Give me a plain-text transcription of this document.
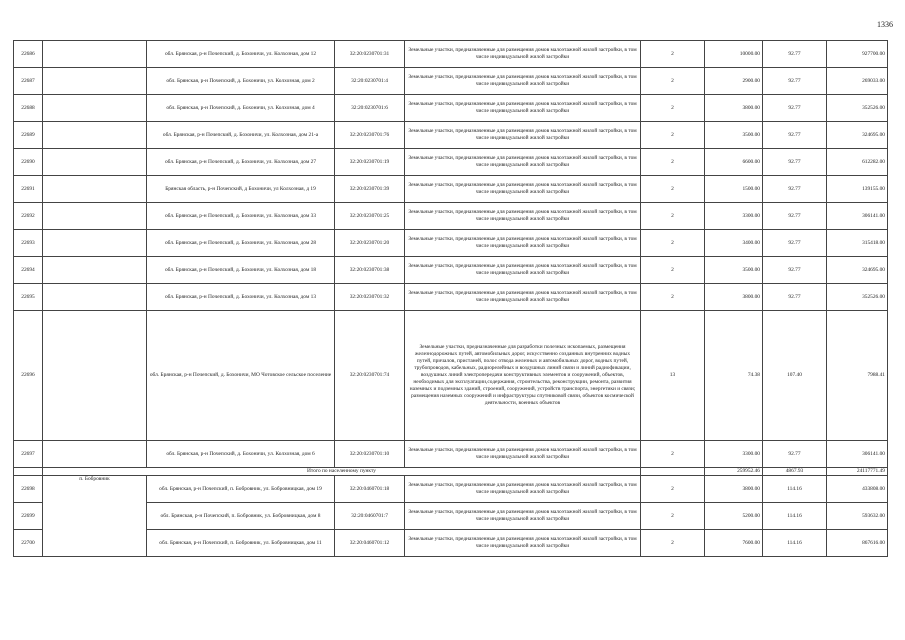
1336
22686		обл. Брянская, р-н Почепский, д. Бохоничи, ул. Колхозная, дом 12	32:20:0230701:31	Земельные участки, предназначенные для размещения домов малоэтажной жилой застройки, в том числе индивидуальной жилой застройки	2	10000.00	92.77	927700.00
22687		обл. Брянская, р-н Почепский, д. Бохоничи, ул. Колхозная, дом 2	32:20:0230701:4	Земельные участки, предназначенные для размещения домов малоэтажной жилой застройки, в том числе индивидуальной жилой застройки	2	2900.00	92.77	269033.00
22688		обл. Брянская, р-н Почепский, д. Бохоничи, ул. Колхозная, дом 4	32:20:0230701:6	Земельные участки, предназначенные для размещения домов малоэтажной жилой застройки, в том числе индивидуальной жилой застройки	2	3800.00	92.77	352526.00
22689		обл. Брянская, р-н Почепский, д. Бохоничи, ул. Колхозная, дом 21-а	32:20:0230701:76	Земельные участки, предназначенные для размещения домов малоэтажной жилой застройки, в том числе индивидуальной жилой застройки	2	3500.00	92.77	324695.00
22690		обл. Брянская, р-н Почепский, д. Бохоничи, ул. Колхозная, дом 27	32:20:0230701:19	Земельные участки, предназначенные для размещения домов малоэтажной жилой застройки, в том числе индивидуальной жилой застройки	2	6600.00	92.77	612282.00
22691		Брянская область, р-н Почепский, д Бохоничи, ул Колхозная, д 19	32:20:0230701:39	Земельные участки, предназначенные для размещения домов малоэтажной жилой застройки, в том числе индивидуальной жилой застройки	2	1500.00	92.77	139155.00
22692		обл. Брянская, р-н Почепский, д. Бохоничи, ул. Колхозная, дом 33	32:20:0230701:25	Земельные участки, предназначенные для размещения домов малоэтажной жилой застройки, в том числе индивидуальной жилой застройки	2	3300.00	92.77	306141.00
22693		обл. Брянская, р-н Почепский, д. Бохоничи, ул. Колхозная, дом 28	32:20:0230701:20	Земельные участки, предназначенные для размещения домов малоэтажной жилой застройки, в том числе индивидуальной жилой застройки	2	3400.00	92.77	315418.00
22694		обл. Брянская, р-н Почепский, д. Бохоничи, ул. Колхозная, дом 18	32:20:0230701:38	Земельные участки, предназначенные для размещения домов малоэтажной жилой застройки, в том числе индивидуальной жилой застройки	2	3500.00	92.77	324695.00
22695		обл. Брянская, р-н Почепский, д. Бохоничи, ул. Колхозная, дом 13	32:20:0230701:32	Земельные участки, предназначенные для размещения домов малоэтажной жилой застройки, в том числе индивидуальной жилой застройки	2	3800.00	92.77	352526.00
22696		обл. Брянская, р-н Почепский, д. Бохоничи, МО Чотовское сельское поселение	32:20:0230701:74	Земельные участки, предназначенные для разработки полезных ископаемых, размещения железнодорожных путей, автомобильных дорог, искусственно созданных внутренних водных путей, причалов, пристаней, полос отвода железных и автомобильных дорог, водных путей, трубопроводов, кабельных, радиорелейных и воздушных линий связи и линий радиофикации, воздушных линий электропередачи конструктивных элементов и сооружений, объектов, необходимых для эксплуатации,содержания, строительства, реконструкции, ремонта, развития наземных и подземных зданий, строений, сооружений, устройств транспорта, энергетики и связи; размещения наземных сооружений и инфраструктуры спутниковой связи, объектов космической деятельности, военных объектов	13	74.38	107.40	7988.41
22697		обл. Брянская, р-н Почепский, д. Бохоничи, ул. Колхозная, дом 6	32:20:0230701:10	Земельные участки, предназначенные для размещения домов малоэтажной жилой застройки, в том числе индивидуальной жилой застройки	2	3300.00	92.77	306141.00
	Итого по населенному пункту					259952.46	4867.93	24117771.49
22698	п. Бобровник	обл. Брянская, р-н Почепский, п. Бобровник, ул. Бобровницкая, дом 19	32:20:0460701:18	Земельные участки, предназначенные для размещения домов малоэтажной жилой застройки, в том числе индивидуальной жилой застройки	2	3800.00	114.16	433808.00
22699		обл. Брянская, р-н Почепский, п. Бобровник, ул. Бобровницкая, дом 8	32:20:0460701:7	Земельные участки, предназначенные для размещения домов малоэтажной жилой застройки, в том числе индивидуальной жилой застройки	2	5200.00	114.16	593632.00
22700		обл. Брянская, р-н Почепский, п. Бобровник, ул. Бобровницкая, дом 11	32:20:0460701:12	Земельные участки, предназначенные для размещения домов малоэтажной жилой застройки, в том числе индивидуальной жилой застройки	2	7600.00	114.16	867616.00
